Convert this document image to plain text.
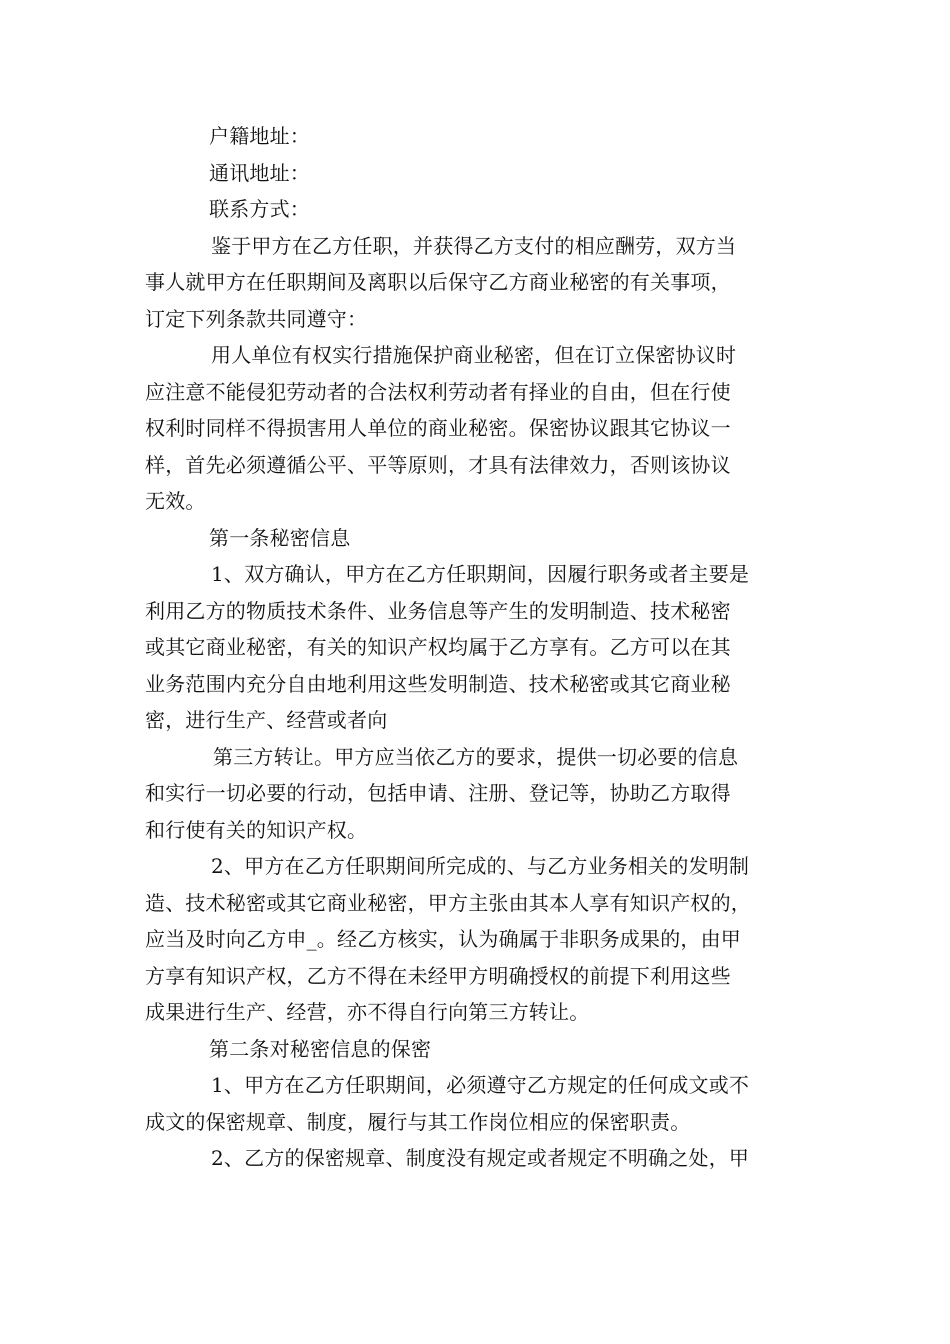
户籍地址：
通讯地址：
联系方式：
鉴于甲方在乙方任职，并获得乙方支付的相应酬劳，双方当
事人就甲方在任职期间及离职以后保守乙方商业秘密的有关事项，
订定下列条款共同遵守：
用人单位有权实行措施保护商业秘密，但在订立保密协议时
应注意不能侵犯劳动者的合法权利劳动者有择业的自由，但在行使
权利时同样不得损害用人单位的商业秘密。保密协议跟其它协议一
样，首先必须遵循公平、平等原则，才具有法律效力，否则该协议
无效。
第一条秘密信息
1、双方确认，甲方在乙方任职期间，因履行职务或者主要是
利用乙方的物质技术条件、业务信息等产生的发明制造、技术秘密
或其它商业秘密，有关的知识产权均属于乙方享有。乙方可以在其
业务范围内充分自由地利用这些发明制造、技术秘密或其它商业秘
密，进行生产、经营或者向
第三方转让。甲方应当依乙方的要求，提供一切必要的信息
和实行一切必要的行动，包括申请、注册、登记等，协助乙方取得
和行使有关的知识产权。
2、甲方在乙方任职期间所完成的、与乙方业务相关的发明制
造、技术秘密或其它商业秘密，甲方主张由其本人享有知识产权的，
应当及时向乙方申_。经乙方核实，认为确属于非职务成果的，由甲
方享有知识产权，乙方不得在未经甲方明确授权的前提下利用这些
成果进行生产、经营，亦不得自行向第三方转让。
第二条对秘密信息的保密
1、甲方在乙方任职期间，必须遵守乙方规定的任何成文或不
成文的保密规章、制度，履行与其工作岗位相应的保密职责。
2、乙方的保密规章、制度没有规定或者规定不明确之处，甲
